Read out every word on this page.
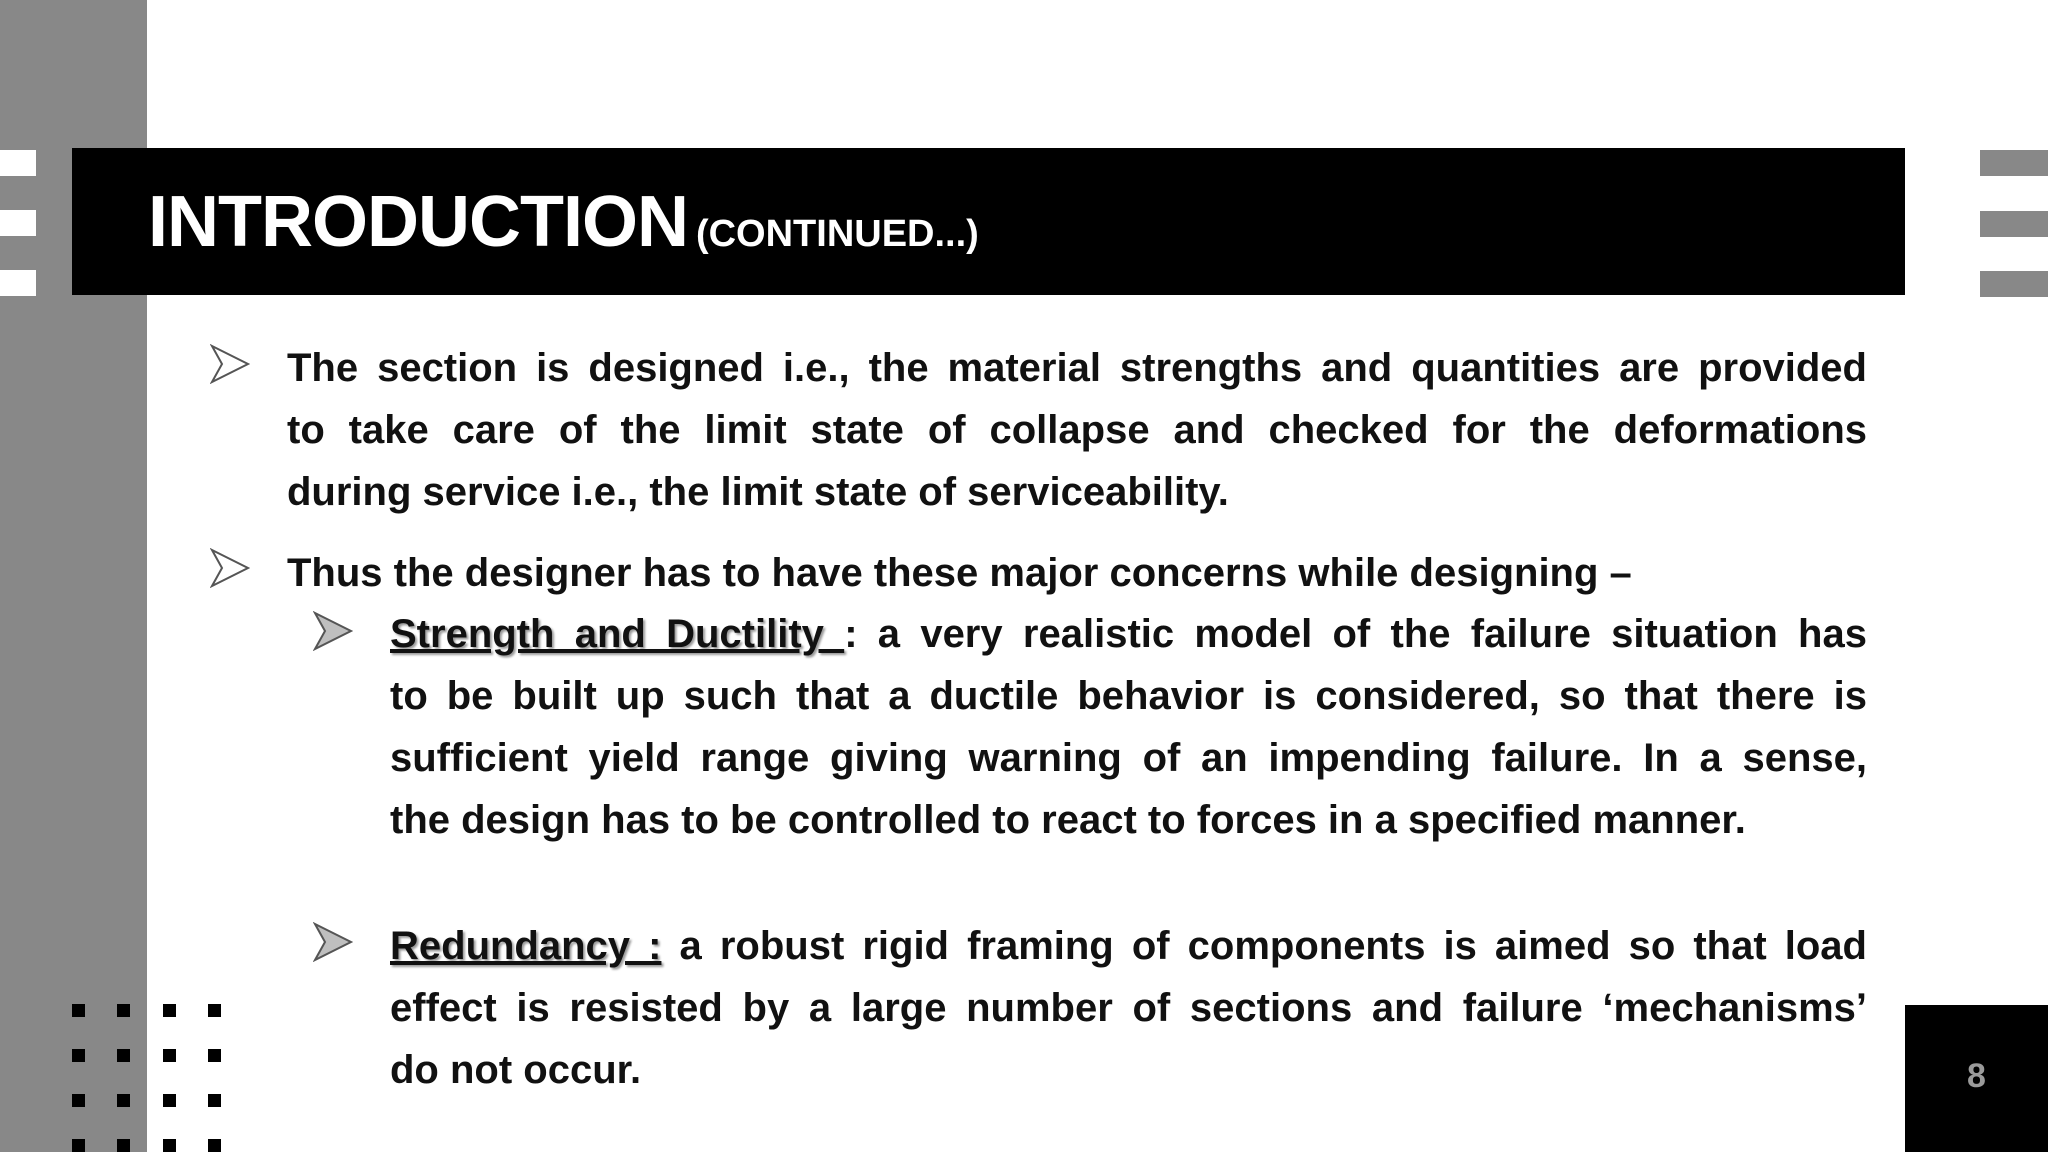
INTRODUCTION (CONTINUED...)
The section is designed i.e., the material strengths and quantities are provided
to take care of the limit state of collapse and checked for the deformations
during service i.e., the limit state of serviceability.
Thus the designer has to have these major concerns while designing –
Strength and Ductility : a very realistic model of the failure situation has
to be built up such that a ductile behavior is considered, so that there is
sufficient yield range giving warning of an impending failure. In a sense,
the design has to be controlled to react to forces in a specified manner.
Redundancy : a robust rigid framing of components is aimed so that load
effect is resisted by a large number of sections and failure ‘mechanisms’
do not occur.	8
